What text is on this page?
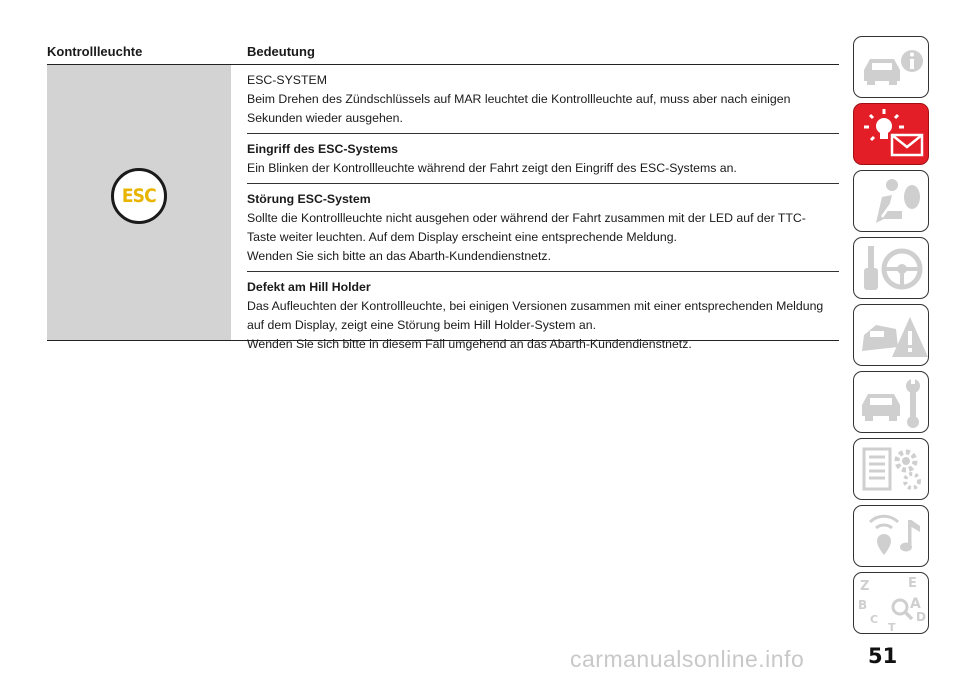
Kontrollleuchte	Bedeutung
ESC
ESC-SYSTEM
Beim Drehen des Zündschlüssels auf MAR leuchtet die Kontrollleuchte auf, muss aber nach einigen
Sekunden wieder ausgehen.
Eingriff des ESC-Systems
Ein Blinken der Kontrollleuchte während der Fahrt zeigt den Eingriff des ESC-Systems an.
Störung ESC-System
Sollte die Kontrollleuchte nicht ausgehen oder während der Fahrt zusammen mit der LED auf der TTC-
Taste weiter leuchten. Auf dem Display erscheint eine entsprechende Meldung.
Wenden Sie sich bitte an das Abarth-Kundendienstnetz.
Defekt am Hill Holder
Das Aufleuchten der Kontrollleuchte, bei einigen Versionen zusammen mit einer entsprechenden Meldung
auf dem Display, zeigt eine Störung beim Hill Holder-System an.
Wenden Sie sich bitte in diesem Fall umgehend an das Abarth-Kundendienstnetz.
Z	E
B	A
C	D
T
51
carmanualsonline.info
